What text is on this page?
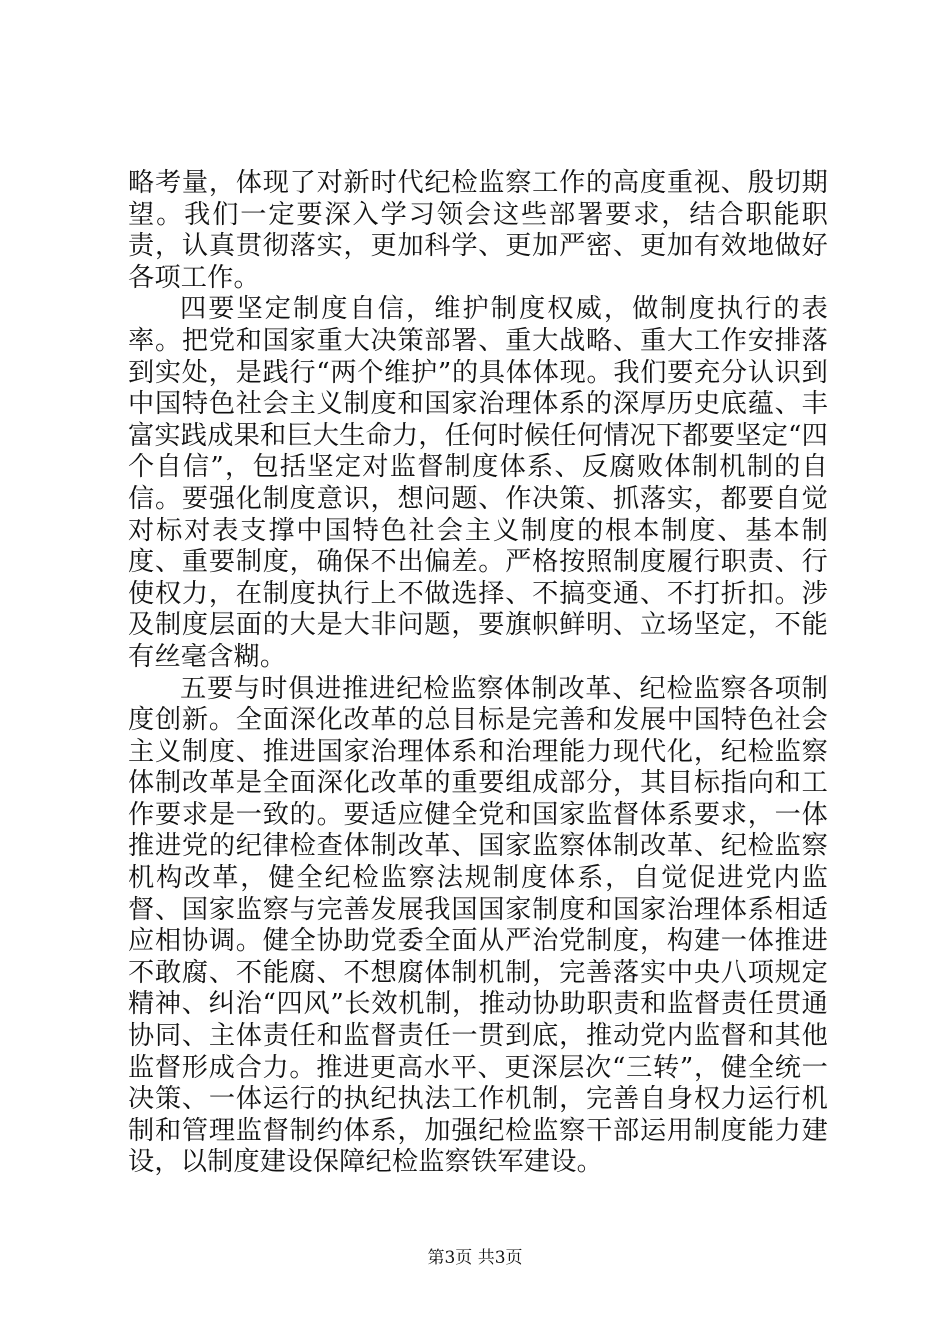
略考量，体现了对新时代纪检监察工作的高度重视、殷切期望。我们一定要深入学习领会这些部署要求，结合职能职责，认真贯彻落实，更加科学、更加严密、更加有效地做好各项工作。

四要坚定制度自信，维护制度权威，做制度执行的表率。把党和国家重大决策部署、重大战略、重大工作安排落到实处，是践行“两个维护”的具体体现。我们要充分认识到中国特色社会主义制度和国家治理体系的深厚历史底蕴、丰富实践成果和巨大生命力，任何时候任何情况下都要坚定“四个自信”，包括坚定对监督制度体系、反腐败体制机制的自信。要强化制度意识，想问题、作决策、抓落实，都要自觉对标对表支撑中国特色社会主义制度的根本制度、基本制度、重要制度，确保不出偏差。严格按照制度履行职责、行使权力，在制度执行上不做选择、不搞变通、不打折扣。涉及制度层面的大是大非问题，要旗帜鲜明、立场坚定，不能有丝毫含糊。

五要与时俱进推进纪检监察体制改革、纪检监察各项制度创新。全面深化改革的总目标是完善和发展中国特色社会主义制度、推进国家治理体系和治理能力现代化，纪检监察体制改革是全面深化改革的重要组成部分，其目标指向和工作要求是一致的。要适应健全党和国家监督体系要求，一体推进党的纪律检查体制改革、国家监察体制改革、纪检监察机构改革，健全纪检监察法规制度体系，自觉促进党内监督、国家监察与完善发展我国国家制度和国家治理体系相适应相协调。健全协助党委全面从严治党制度，构建一体推进不敢腐、不能腐、不想腐体制机制，完善落实中央八项规定精神、纠治“四风”长效机制，推动协助职责和监督责任贯通协同、主体责任和监督责任一贯到底，推动党内监督和其他监督形成合力。推进更高水平、更深层次“三转”，健全统一决策、一体运行的执纪执法工作机制，完善自身权力运行机制和管理监督制约体系，加强纪检监察干部运用制度能力建设，以制度建设保障纪检监察铁军建设。

第3页 共3页
